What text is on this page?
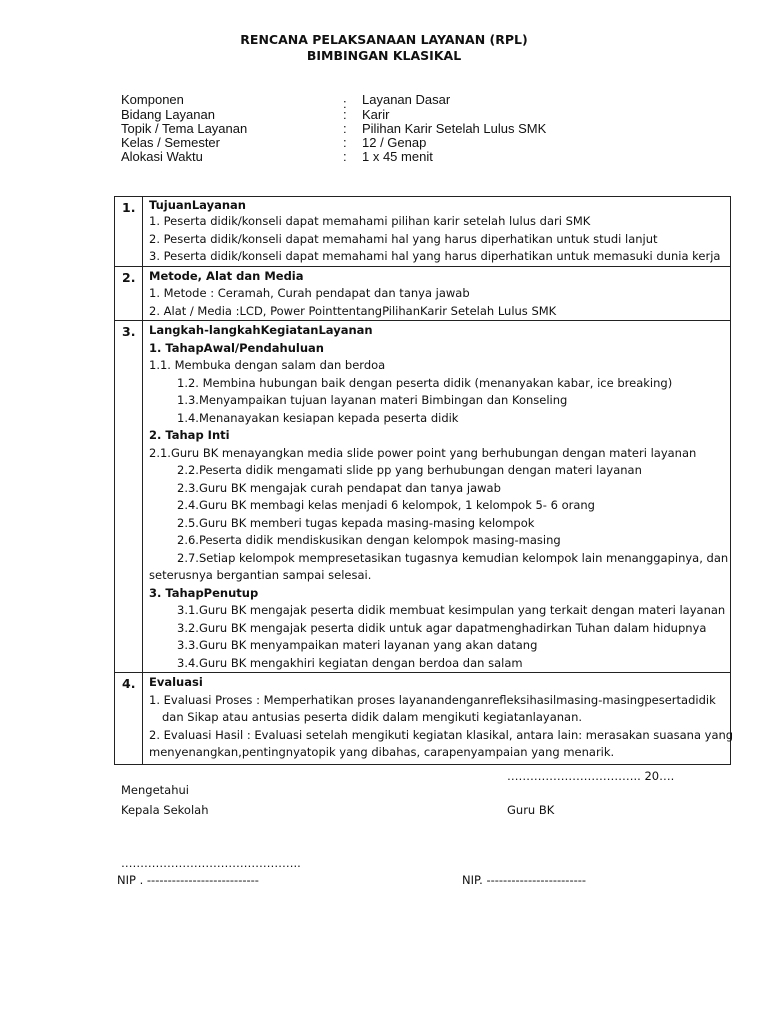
RENCANA PELAKSANAAN LAYANAN (RPL)
BIMBINGAN KLASIKAL
Komponen	: Layanan Dasar
Bidang Layanan	: Karir
Topik / Tema Layanan	: Pilihan Karir Setelah Lulus SMK
Kelas / Semester	: 12 / Genap
Alokasi Waktu	: 1 x 45 menit
1. TujuanLayanan
1. Peserta didik/konseli dapat memahami pilihan karir setelah lulus dari SMK
2. Peserta didik/konseli dapat memahami hal yang harus diperhatikan untuk studi lanjut
3. Peserta didik/konseli dapat memahami hal yang harus diperhatikan untuk memasuki dunia kerja
2. Metode, Alat dan Media
1. Metode : Ceramah, Curah pendapat dan tanya jawab
2. Alat / Media :LCD, Power PointtentangPilihanKarir Setelah Lulus SMK
3. Langkah-langkahKegiatanLayanan
1. TahapAwal/Pendahuluan
1.1. Membuka dengan salam dan berdoa
1.2. Membina hubungan baik dengan peserta didik (menanyakan kabar, ice breaking)
1.3.Menyampaikan tujuan layanan materi Bimbingan dan Konseling
1.4.Menanayakan kesiapan kepada peserta didik
2. Tahap Inti
2.1.Guru BK menayangkan media slide power point yang berhubungan dengan materi layanan
2.2.Peserta didik mengamati slide pp yang berhubungan dengan materi layanan
2.3.Guru BK mengajak curah pendapat dan tanya jawab
2.4.Guru BK membagi kelas menjadi 6 kelompok, 1 kelompok 5- 6 orang
2.5.Guru BK memberi tugas kepada masing-masing kelompok
2.6.Peserta didik mendiskusikan dengan kelompok masing-masing
2.7.Setiap kelompok mempresetasikan tugasnya kemudian kelompok lain menanggapinya, dan
seterusnya bergantian sampai selesai.
3. TahapPenutup
3.1.Guru BK mengajak peserta didik membuat kesimpulan yang terkait dengan materi layanan
3.2.Guru BK mengajak peserta didik untuk agar dapatmenghadirkan Tuhan dalam hidupnya
3.3.Guru BK menyampaikan materi layanan yang akan datang
3.4.Guru BK mengakhiri kegiatan dengan berdoa dan salam
4. Evaluasi
1. Evaluasi Proses : Memperhatikan proses layanandenganrefleksihasilmasing-masingpesertadidik
dan Sikap atau antusias peserta didik dalam mengikuti kegiatanlayanan.
2. Evaluasi Hasil : Evaluasi setelah mengikuti kegiatan klasikal, antara lain: merasakan suasana yang
menyenangkan,pentingnyatopik yang dibahas, carapenyampaian yang menarik.
…………………………….. 20….
Mengetahui
Kepala Sekolah	Guru BK
………………………………………..
NIP . ---------------------------	NIP. ------------------------
